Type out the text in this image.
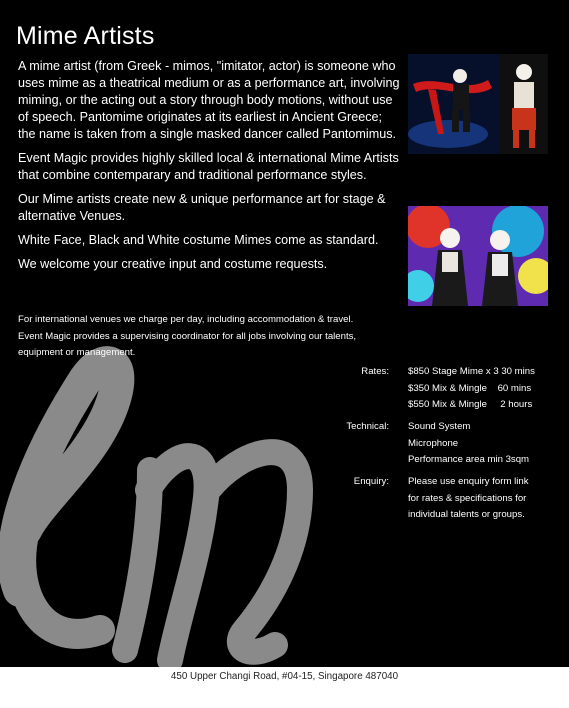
Mime Artists

A mime artist (from Greek - mimos, "imitator, actor) is someone who uses mime as a theatrical medium or as a performance art, involving miming, or the acting out a story through body motions, without use of speech. Pantomime originates at its earliest in Ancient Greece; the name is taken from a single masked dancer called Pantomimus.

Event Magic provides highly skilled local & international Mime Artists that combine contemparary and traditional performance styles.

Our Mime artists create new & unique performance art for stage & alternative Venues.

White Face, Black and White costume Mimes come as standard.

We welcome your creative input and costume requests.

For international venues we charge per day, including accommodation & travel.

Event Magic provides a supervising coordinator for all jobs involving our talents, equipment or management.

Rates: $850 Stage Mime x 3 30 mins
$350 Mix & Mingle    60 mins
$550 Mix & Mingle     2 hours
Technical: Sound System
Microphone
Performance area min 3sqm
Enquiry: Please use enquiry form link
for rates & specifications for
individual talents or groups.
450 Upper Changi Road, #04-15, Singapore 487040
